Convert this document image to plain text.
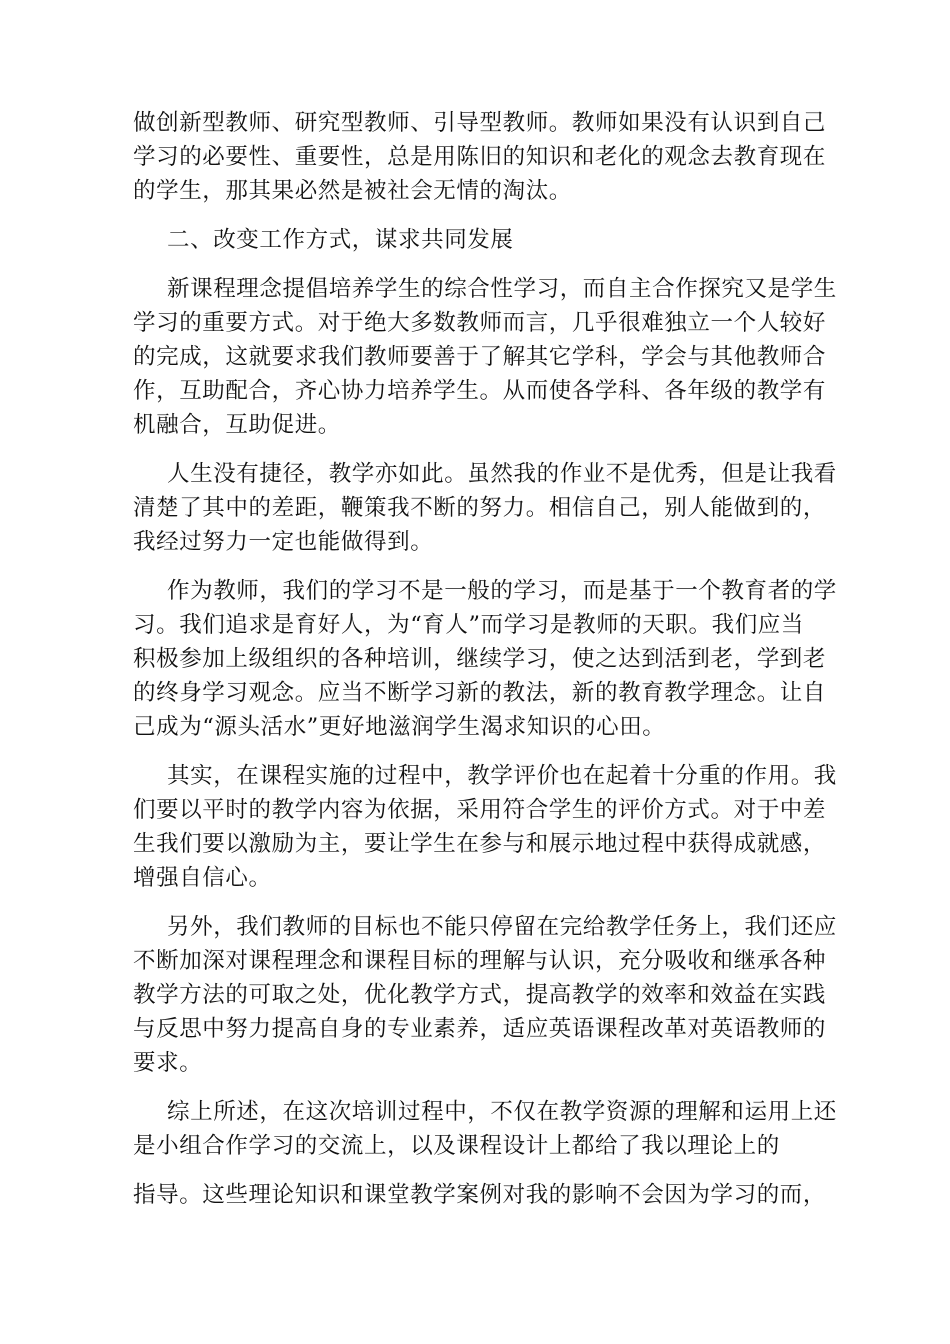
做创新型教师、研究型教师、引导型教师。教师如果没有认识到自己
学习的必要性、重要性，总是用陈旧的知识和老化的观念去教育现在
的学生，那其果必然是被社会无情的淘汰。
二、改变工作方式，谋求共同发展
新课程理念提倡培养学生的综合性学习，而自主合作探究又是学生
学习的重要方式。对于绝大多数教师而言，几乎很难独立一个人较好
的完成，这就要求我们教师要善于了解其它学科，学会与其他教师合
作，互助配合，齐心协力培养学生。从而使各学科、各年级的教学有
机融合，互助促进。
人生没有捷径，教学亦如此。虽然我的作业不是优秀，但是让我看
清楚了其中的差距，鞭策我不断的努力。相信自己，别人能做到的，
我经过努力一定也能做得到。
作为教师，我们的学习不是一般的学习，而是基于一个教育者的学
习。我们追求是育好人，为“育人”而学习是教师的天职。我们应当
积极参加上级组织的各种培训，继续学习，使之达到活到老，学到老
的终身学习观念。应当不断学习新的教法，新的教育教学理念。让自
己成为“源头活水”更好地滋润学生渴求知识的心田。
其实，在课程实施的过程中，教学评价也在起着十分重的作用。我
们要以平时的教学内容为依据，采用符合学生的评价方式。对于中差
生我们要以激励为主，要让学生在参与和展示地过程中获得成就感，
增强自信心。
另外，我们教师的目标也不能只停留在完给教学任务上，我们还应
不断加深对课程理念和课程目标的理解与认识，充分吸收和继承各种
教学方法的可取之处，优化教学方式，提高教学的效率和效益在实践
与反思中努力提高自身的专业素养，适应英语课程改革对英语教师的
要求。
综上所述，在这次培训过程中，不仅在教学资源的理解和运用上还
是小组合作学习的交流上，以及课程设计上都给了我以理论上的
指导。这些理论知识和课堂教学案例对我的影响不会因为学习的而，
